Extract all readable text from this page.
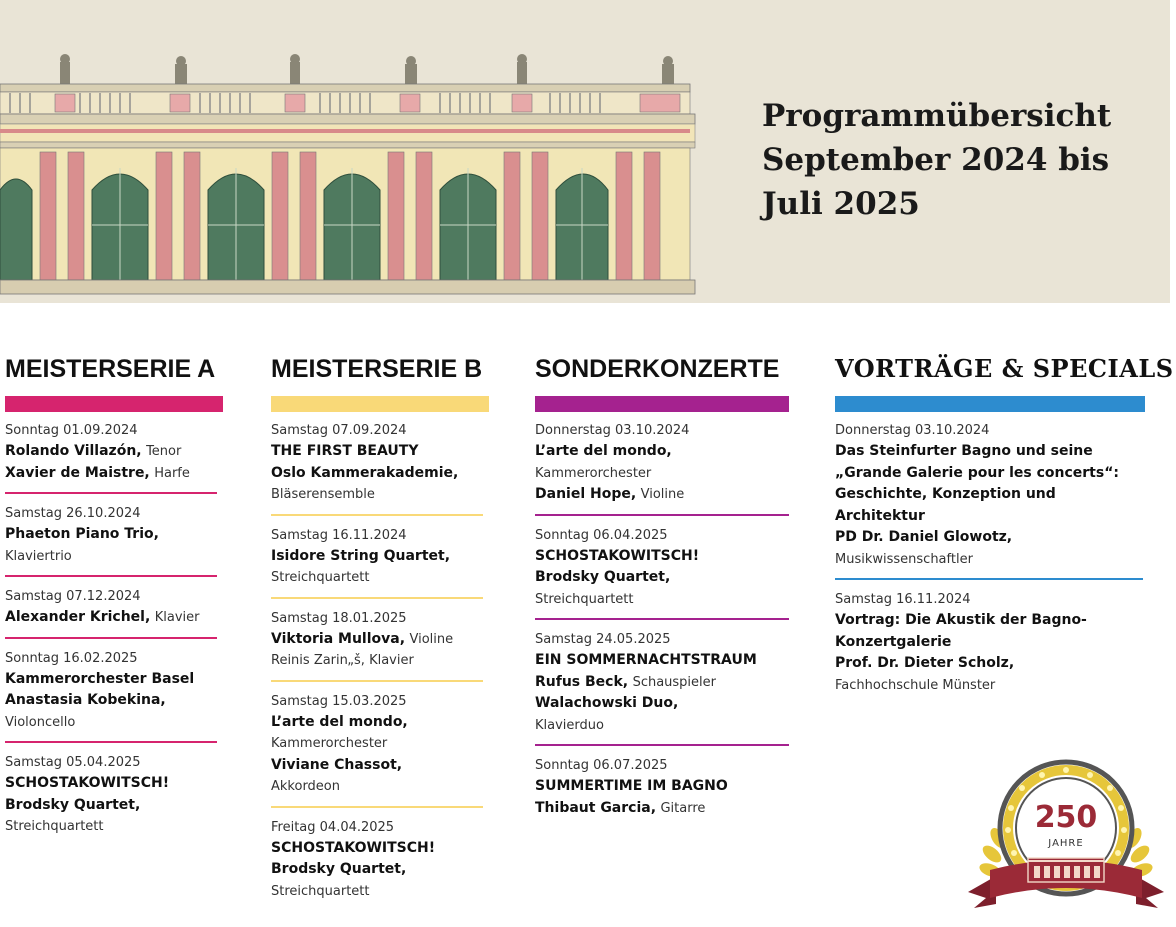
Programmübersicht
September 2024 bis
Juli 2025
MEISTERSERIE A
Sonntag 01.09.2024
Rolando Villazón, Tenor
Xavier de Maistre, Harfe
Samstag 26.10.2024
Phaeton Piano Trio,
Klaviertrio
Samstag 07.12.2024
Alexander Krichel, Klavier
Sonntag 16.02.2025
Kammerorchester Basel
Anastasia Kobekina,
Violoncello
Samstag 05.04.2025
SCHOSTAKOWITSCH!
Brodsky Quartet,
Streichquartett
MEISTERSERIE B
Samstag 07.09.2024
THE FIRST BEAUTY
Oslo Kammerakademie,
Bläserensemble
Samstag 16.11.2024
Isidore String Quartet,
Streichquartett
Samstag 18.01.2025
Viktoria Mullova, Violine
Reinis Zarin„š, Klavier
Samstag 15.03.2025
L’arte del mondo,
Kammerorchester
Viviane Chassot,
Akkordeon
Freitag 04.04.2025
SCHOSTAKOWITSCH!
Brodsky Quartet,
Streichquartett
SONDERKONZERTE
Donnerstag 03.10.2024
L’arte del mondo,
Kammerorchester
Daniel Hope, Violine
Sonntag 06.04.2025
SCHOSTAKOWITSCH!
Brodsky Quartet,
Streichquartett
Samstag 24.05.2025
EIN SOMMERNACHTSTRAUM
Rufus Beck, Schauspieler
Walachowski Duo,
Klavierduo
Sonntag 06.07.2025
SUMMERTIME IM BAGNO
Thibaut Garcia, Gitarre
VORTRÄGE & SPECIALS
Donnerstag 03.10.2024
Das Steinfurter Bagno und seine
„Grande Galerie pour les concerts“:
Geschichte, Konzeption und
Architektur
PD Dr. Daniel Glowotz,
Musikwissenschaftler
Samstag 16.11.2024
Vortrag: Die Akustik der Bagno-
Konzertgalerie
Prof. Dr. Dieter Scholz,
Fachhochschule Münster
250
JAHRE
